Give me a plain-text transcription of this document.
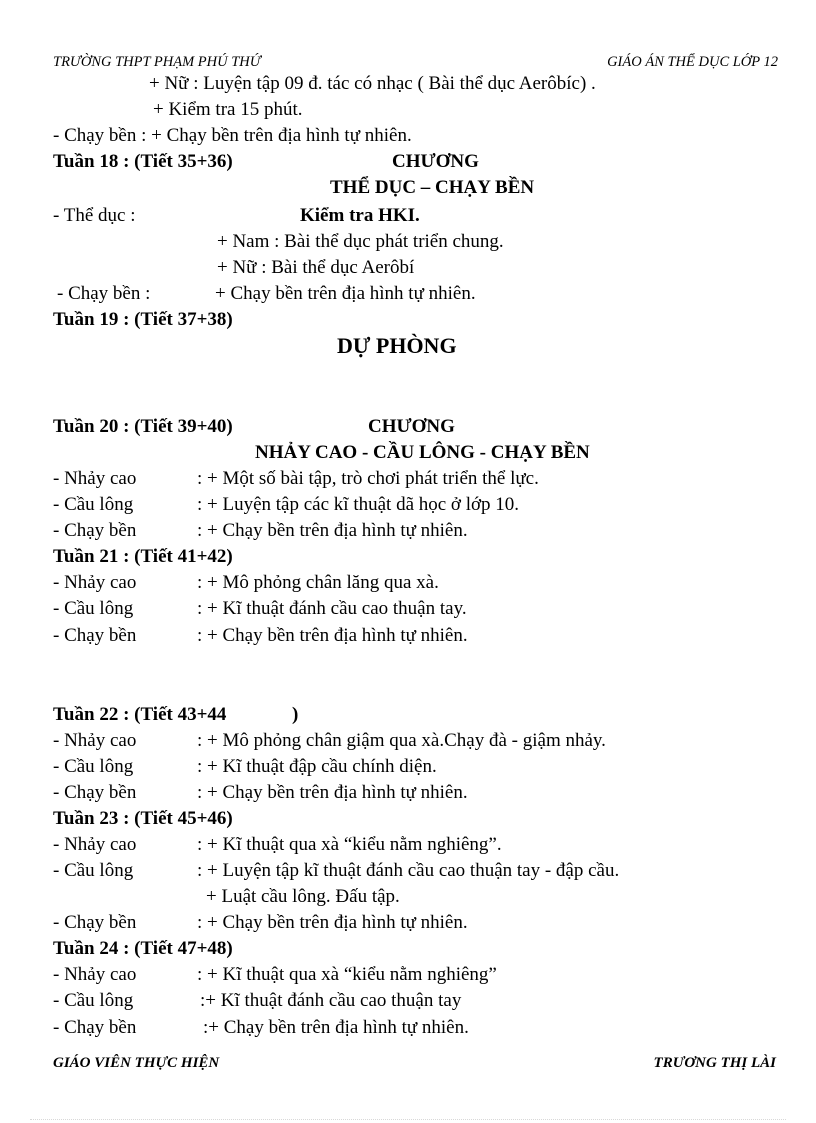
TRƯỜNG THPT PHẠM PHÚ THỨ	GIÁO ÁN THỂ DỤC LỚP 12
+ Nữ : Luyện tập 09 đ. tác có nhạc ( Bài thể dục Aerôbíc) .
+ Kiểm tra 15 phút.
- Chạy bền : + Chạy bền trên địa hình tự nhiên.
Tuần 18 : (Tiết 35+36)	CHƯƠNG
THỂ DỤC – CHẠY BỀN
- Thể dục :	Kiểm tra HKI.
+ Nam : Bài thể dục phát triển chung.
+ Nữ : Bài thể dục Aerôbí
- Chạy bền :	+ Chạy bền trên địa hình tự nhiên.
Tuần 19 : (Tiết 37+38)
DỰ PHÒNG
Tuần 20 : (Tiết 39+40)	CHƯƠNG
NHẢY CAO - CẦU LÔNG - CHẠY BỀN
- Nhảy cao	: + Một số bài tập, trò chơi phát triển thể lực.
- Cầu lông	: + Luyện tập các kĩ thuật dã học ở lớp 10.
- Chạy bền	: + Chạy bền trên địa hình tự nhiên.
Tuần 21 : (Tiết 41+42)
- Nhảy cao	: + Mô phỏng chân lăng qua xà.
- Cầu lông	: + Kĩ thuật đánh cầu cao thuận tay.
- Chạy bền	: + Chạy bền trên địa hình tự nhiên.
Tuần 22 : (Tiết 43+44	)
- Nhảy cao	: + Mô phỏng chân giậm qua xà.Chạy đà - giậm nhảy.
- Cầu lông	: + Kĩ thuật đập cầu chính diện.
- Chạy bền	: + Chạy bền trên địa hình tự nhiên.
Tuần 23 : (Tiết 45+46)
- Nhảy cao	: + Kĩ thuật qua xà “kiểu nằm nghiêng”.
- Cầu lông	: + Luyện tập kĩ thuật đánh cầu cao thuận tay - đập cầu.
+ Luật cầu lông. Đấu tập.
- Chạy bền	: + Chạy bền trên địa hình tự nhiên.
Tuần 24 : (Tiết 47+48)
- Nhảy cao	: + Kĩ thuật qua xà “kiểu nằm nghiêng”
- Cầu lông	:+ Kĩ thuật đánh cầu cao thuận tay
- Chạy bền	:+ Chạy bền trên địa hình tự nhiên.
GIÁO VIÊN THỰC HIỆN	TRƯƠNG THỊ LÀI
